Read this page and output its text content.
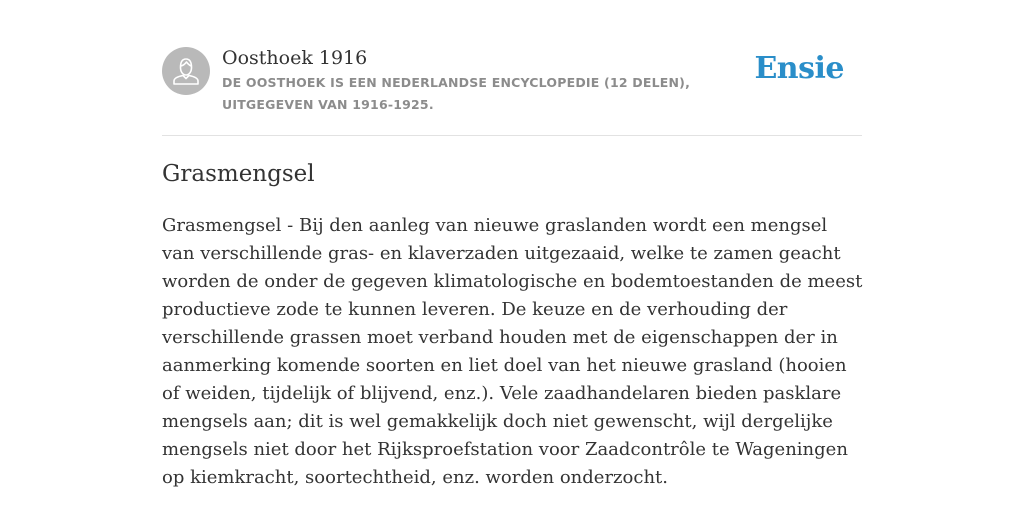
Oosthoek 1916
DE OOSTHOEK IS EEN NEDERLANDSE ENCYCLOPEDIE (12 DELEN), UITGEGEVEN VAN 1916-1925.
Ensie
Grasmengsel

Grasmengsel - Bij den aanleg van nieuwe graslanden wordt een mengsel van verschillende gras- en klaverzaden uitgezaaid, welke te zamen geacht worden de onder de gegeven klimatologische en bodemtoestanden de meest productieve zode te kunnen leveren. De keuze en de verhouding der verschillende grassen moet verband houden met de eigenschappen der in aanmerking komende soorten en liet doel van het nieuwe grasland (hooien of weiden, tijdelijk of blijvend, enz.). Vele zaadhandelaren bieden pasklare mengsels aan; dit is wel gemakkelijk doch niet gewenscht, wijl dergelijke mengsels niet door het Rijksproefstation voor Zaadcontrôle te Wageningen op kiemkracht, soortechtheid, enz. worden onderzocht.
